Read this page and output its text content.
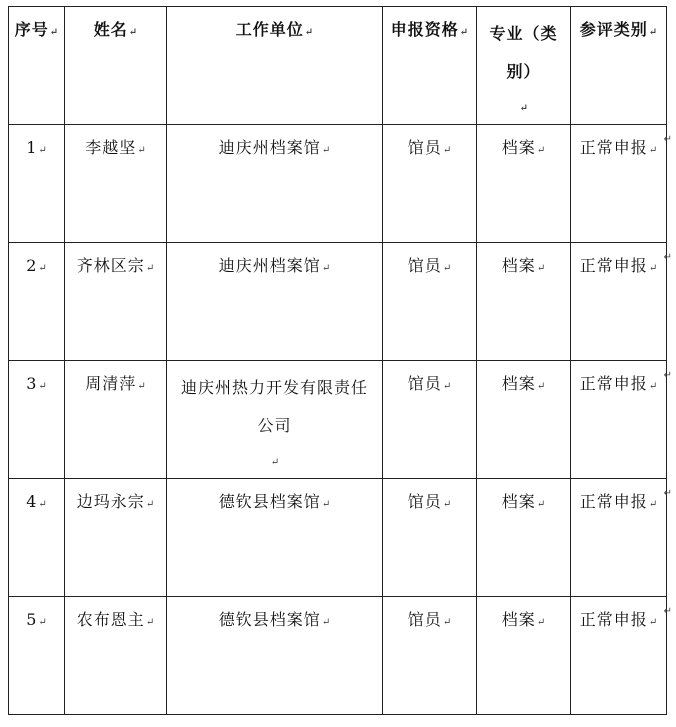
序号↵	姓名↵	工作单位↵	申报资格↵	专业（类别）↵	参评类别↵
1↵	李越坚↵	迪庆州档案馆↵	馆员↵	档案↵	正常申报↵
2↵	齐林区宗↵	迪庆州档案馆↵	馆员↵	档案↵	正常申报↵
3↵	周清萍↵	迪庆州热力开发有限责任公司↵	馆员↵	档案↵	正常申报↵
4↵	边玛永宗↵	德钦县档案馆↵	馆员↵	档案↵	正常申报↵
5↵	农布恩主↵	德钦县档案馆↵	馆员↵	档案↵	正常申报↵
↵
↵
↵
↵
↵
